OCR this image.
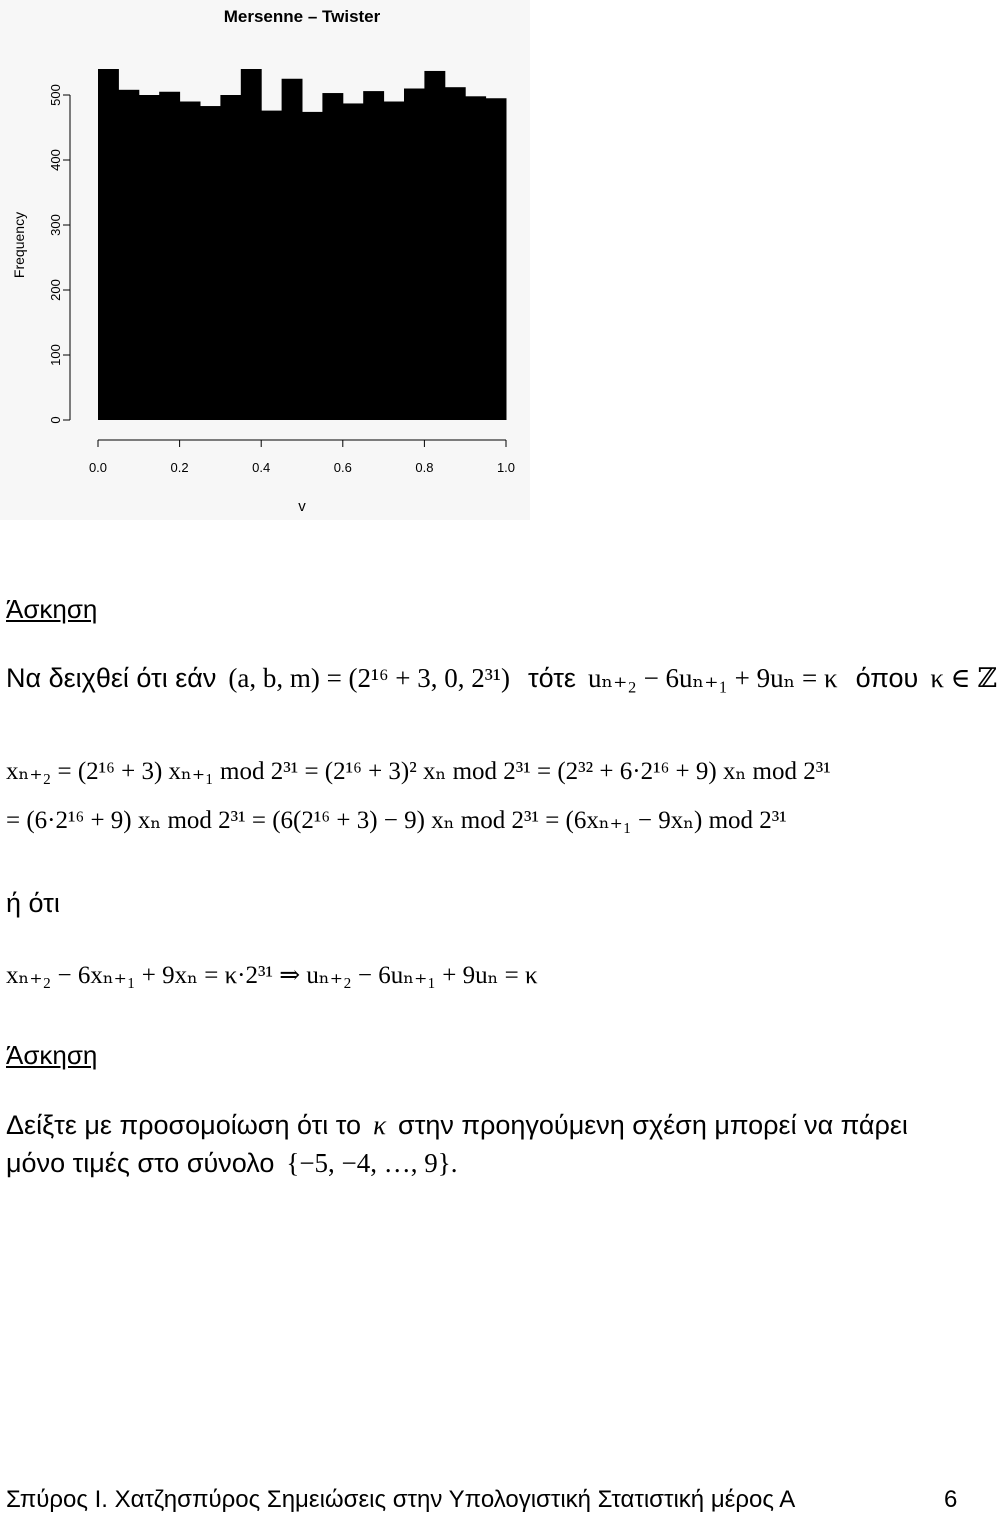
Mersenne – Twister
0
100
200
300
400
500
0.0	0.2	0.4	0.6	0.8	1.0
Frequency
v
Άσκηση
Να δειχθεί ότι εάν (a, b, m) = (2¹⁶ + 3, 0, 2³¹) τότε uₙ₊₂ − 6uₙ₊₁ + 9uₙ = κ όπου κ ∈ ℤ
xₙ₊₂ = (2¹⁶ + 3) xₙ₊₁ mod 2³¹ = (2¹⁶ + 3)² xₙ mod 2³¹ = (2³² + 6·2¹⁶ + 9) xₙ mod 2³¹
= (6·2¹⁶ + 9) xₙ mod 2³¹ = (6(2¹⁶ + 3) − 9) xₙ mod 2³¹ = (6xₙ₊₁ − 9xₙ) mod 2³¹
ή ότι
xₙ₊₂ − 6xₙ₊₁ + 9xₙ = κ·2³¹ ⇒ uₙ₊₂ − 6uₙ₊₁ + 9uₙ = κ
Άσκηση
Δείξτε με προσομοίωση ότι το κ στην προηγούμενη σχέση μπορεί να πάρει
μόνο τιμές στο σύνολο {−5, −4, …, 9}.
Σπύρος Ι. Χατζησπύρος Σημειώσεις στην Υπολογιστική Στατιστική μέρος Α	6
